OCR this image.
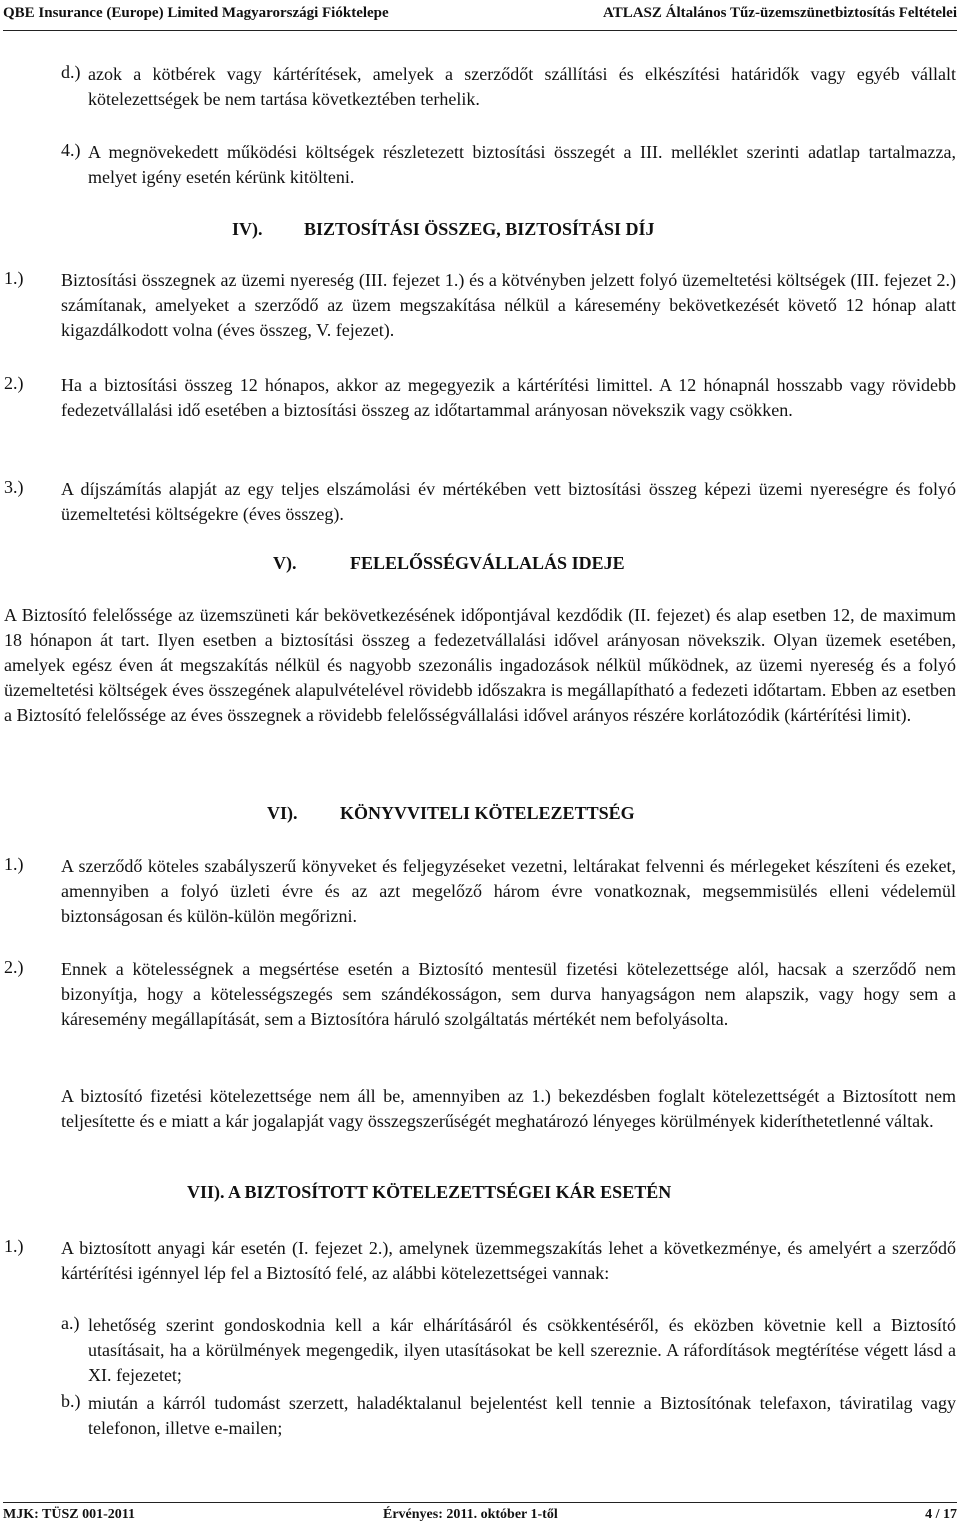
QBE Insurance (Europe) Limited Magyarországi Fióktelepe	ATLASZ Általános Tűz-üzemszünetbiztosítás Feltételei
d.) azok a kötbérek vagy kártérítések, amelyek a szerződőt szállítási és elkészítési határidők vagy egyéb vállalt kötelezettségek be nem tartása következtében terhelik.
4.) A megnövekedett működési költségek részletezett biztosítási összegét a III. melléklet szerinti adatlap tartalmazza, melyet igény esetén kérünk kitölteni.
IV). BIZTOSÍTÁSI ÖSSZEG, BIZTOSÍTÁSI DÍJ
1.) Biztosítási összegnek az üzemi nyereség (III. fejezet 1.) és a kötvényben jelzett folyó üzemeltetési költségek (III. fejezet 2.) számítanak, amelyeket a szerződő az üzem megszakítása nélkül a káresemény bekövetkezését követő 12 hónap alatt kigazdálkodott volna (éves összeg, V. fejezet).
2.) Ha a biztosítási összeg 12 hónapos, akkor az megegyezik a kártérítési limittel. A 12 hónapnál hosszabb vagy rövidebb fedezetvállalási idő esetében a biztosítási összeg az időtartammal arányosan növekszik vagy csökken.
3.) A díjszámítás alapját az egy teljes elszámolási év mértékében vett biztosítási összeg képezi üzemi nyereségre és folyó üzemeltetési költségekre (éves összeg).
V).	FELELŐSSÉGVÁLLALÁS IDEJE
A Biztosító felelőssége az üzemszüneti kár bekövetkezésének időpontjával kezdődik (II. fejezet) és alap esetben 12, de maximum 18 hónapon át tart. Ilyen esetben a biztosítási összeg a fedezetvállalási idővel arányosan növekszik. Olyan üzemek esetében, amelyek egész éven át megszakítás nélkül és nagyobb szezonális ingadozások nélkül működnek, az üzemi nyereség és a folyó üzemeltetési költségek éves összegének alapulvételével rövidebb időszakra is megállapítható a fedezeti időtartam. Ebben az esetben a Biztosító felelőssége az éves összegnek a rövidebb felelősségvállalási idővel arányos részére korlátozódik (kártérítési limit).
VI). KÖNYVVITELI KÖTELEZETTSÉG
1.) A szerződő köteles szabályszerű könyveket és feljegyzéseket vezetni, leltárakat felvenni és mérlegeket készíteni és ezeket, amennyiben a folyó üzleti évre és az azt megelőző három évre vonatkoznak, megsemmisülés elleni védelemül biztonságosan és külön-külön megőrizni.
2.) Ennek a kötelességnek a megsértése esetén a Biztosító mentesül fizetési kötelezettsége alól, hacsak a szerződő nem bizonyítja, hogy a kötelességszegés sem szándékosságon, sem durva hanyagságon nem alapszik, vagy hogy sem a káresemény megállapítását, sem a Biztosítóra háruló szolgáltatás mértékét nem befolyásolta.
A biztosító fizetési kötelezettsége nem áll be, amennyiben az 1.) bekezdésben foglalt kötelezettségét a Biztosított nem teljesítette és e miatt a kár jogalapját vagy összegszerűségét meghatározó lényeges körülmények kideríthetetlenné váltak.
VII). A BIZTOSÍTOTT KÖTELEZETTSÉGEI KÁR ESETÉN
1.) A biztosított anyagi kár esetén (I. fejezet 2.), amelynek üzemmegszakítás lehet a következménye, és amelyért a szerződő kártérítési igénnyel lép fel a Biztosító felé, az alábbi kötelezettségei vannak:
a.) lehetőség szerint gondoskodnia kell a kár elhárításáról és csökkentéséről, és eközben követnie kell a Biztosító utasításait, ha a körülmények megengedik, ilyen utasításokat be kell szereznie. A ráfordítások megtérítése végett lásd a XI. fejezetet;
b.) miután a kárról tudomást szerzett, haladéktalanul bejelentést kell tennie a Biztosítónak telefaxon, táviratilag vagy telefonon, illetve e-mailen;
MJK: TÜSZ 001-2011	Érvényes: 2011. október 1-től	4 / 17
